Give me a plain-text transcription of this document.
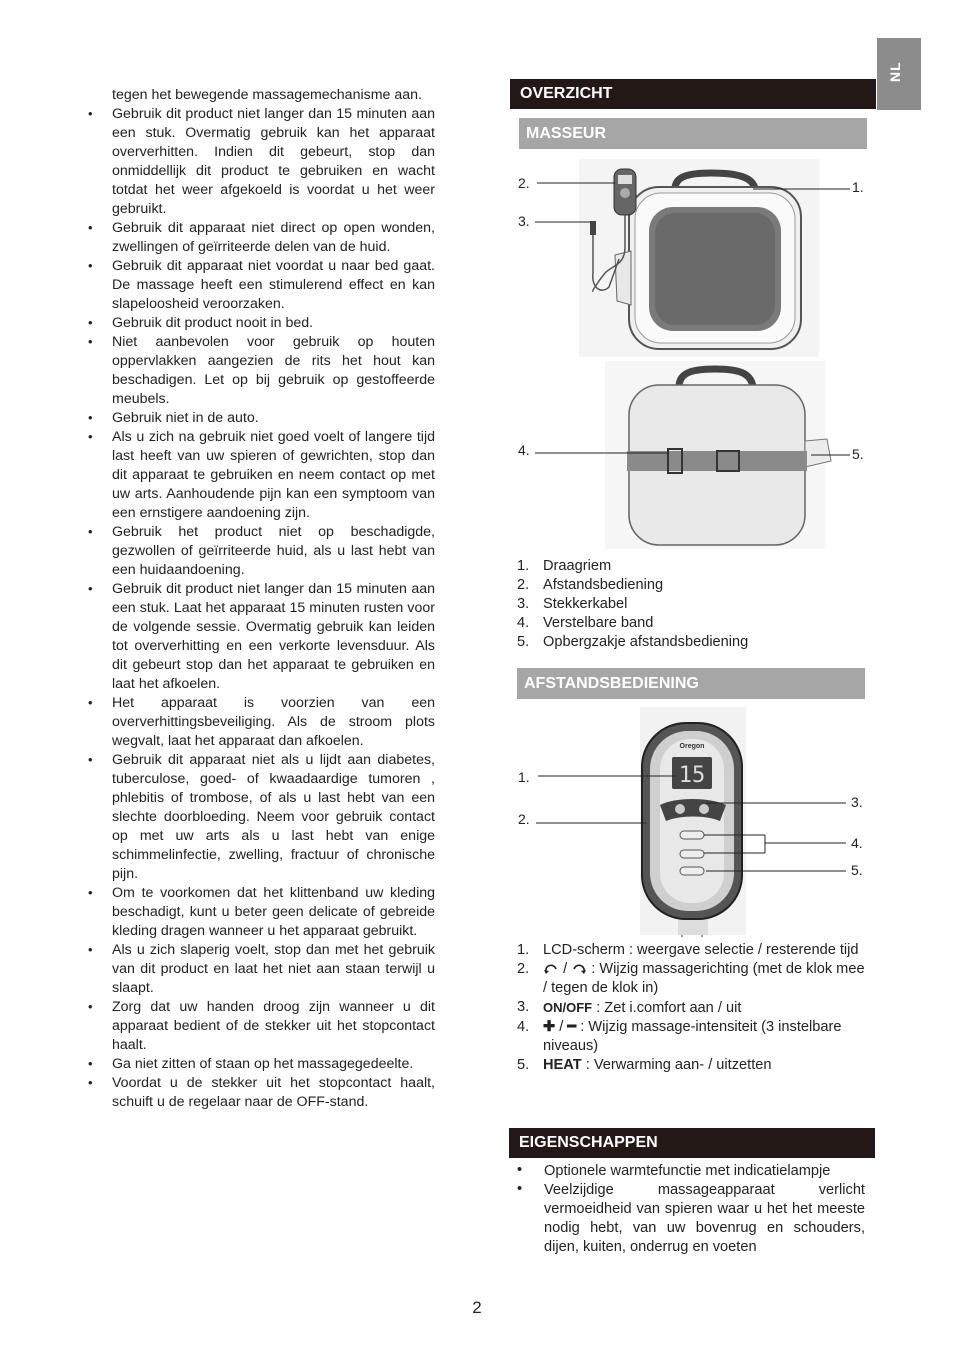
NL

tegen het bewegende massagemechanisme aan.

• Gebruik dit product niet langer dan 15 minuten aan een stuk. Overmatig gebruik kan het apparaat oververhitten. Indien dit gebeurt, stop dan onmiddellijk dit product te gebruiken en wacht totdat het weer afgekoeld is voordat u het weer gebruikt.
• Gebruik dit apparaat niet direct op open wonden, zwellingen of geïrriteerde delen van de huid.
• Gebruik dit apparaat niet voordat u naar bed gaat. De massage heeft een stimulerend effect en kan slapeloosheid veroorzaken.
• Gebruik dit product nooit in bed.
• Niet aanbevolen voor gebruik op houten oppervlakken aangezien de rits het hout kan beschadigen. Let op bij gebruik op gestoffeerde meubels.
• Gebruik niet in de auto.
• Als u zich na gebruik niet goed voelt of langere tijd last heeft van uw spieren of gewrichten, stop dan dit apparaat te gebruiken en neem contact op met uw arts. Aanhoudende pijn kan een symptoom van een ernstigere aandoening zijn.
• Gebruik het product niet op beschadigde, gezwollen of geïrriteerde huid, als u last hebt van een huidaandoening.
• Gebruik dit product niet langer dan 15 minuten aan een stuk. Laat het apparaat 15 minuten rusten voor de volgende sessie. Overmatig gebruik kan leiden tot oververhitting en een verkorte levensduur. Als dit gebeurt stop dan het apparaat te gebruiken en laat het afkoelen.
• Het apparaat is voorzien van een oververhittingsbeveiliging. Als de stroom plots wegvalt, laat het apparaat dan afkoelen.
• Gebruik dit apparaat niet als u lijdt aan diabetes, tuberculose, goed- of kwaadaardige tumoren , phlebitis of trombose, of als u last hebt van een slechte doorbloeding. Neem voor gebruik contact op met uw arts als u last hebt van enige schimmelinfectie, zwelling, fractuur of chronische pijn.
• Om te voorkomen dat het klittenband uw kleding beschadigt, kunt u beter geen delicate of gebreide kleding dragen wanneer u het apparaat gebruikt.
• Als u zich slaperig voelt, stop dan met het gebruik van dit product en laat het niet aan staan terwijl u slaapt.
• Zorg dat uw handen droog zijn wanneer u dit apparaat bedient of de stekker uit het stopcontact haalt.
• Ga niet zitten of staan op het massagegedeelte.
• Voordat u de stekker uit het stopcontact haalt, schuift u de regelaar naar de OFF-stand.
OVERZICHT
MASSEUR
2.
3.
1.
4.	5.
1. Draagriem
2. Afstandsbediening
3. Stekkerkabel
4. Verstelbare band
5. Opbergzakje afstandsbediening
AFSTANDSBEDIENING
Oregon
15
1.
2.
3.
4.
5.
1. LCD-scherm : weergave selectie / resterende tijd
2. / : Wijzig massagerichting (met de klok mee / tegen de klok in)
3. ON/OFF : Zet i.comfort aan / uit
4. ✚ / ━ : Wijzig massage-intensiteit (3 instelbare niveaus)
5. HEAT : Verwarming aan- / uitzetten
EIGENSCHAPPEN
• Optionele warmtefunctie met indicatielampje
• Veelzijdige massageapparaat verlicht vermoeidheid van spieren waar u het het meeste nodig hebt, van uw bovenrug en schouders, dijen, kuiten, onderrug en voeten
2
